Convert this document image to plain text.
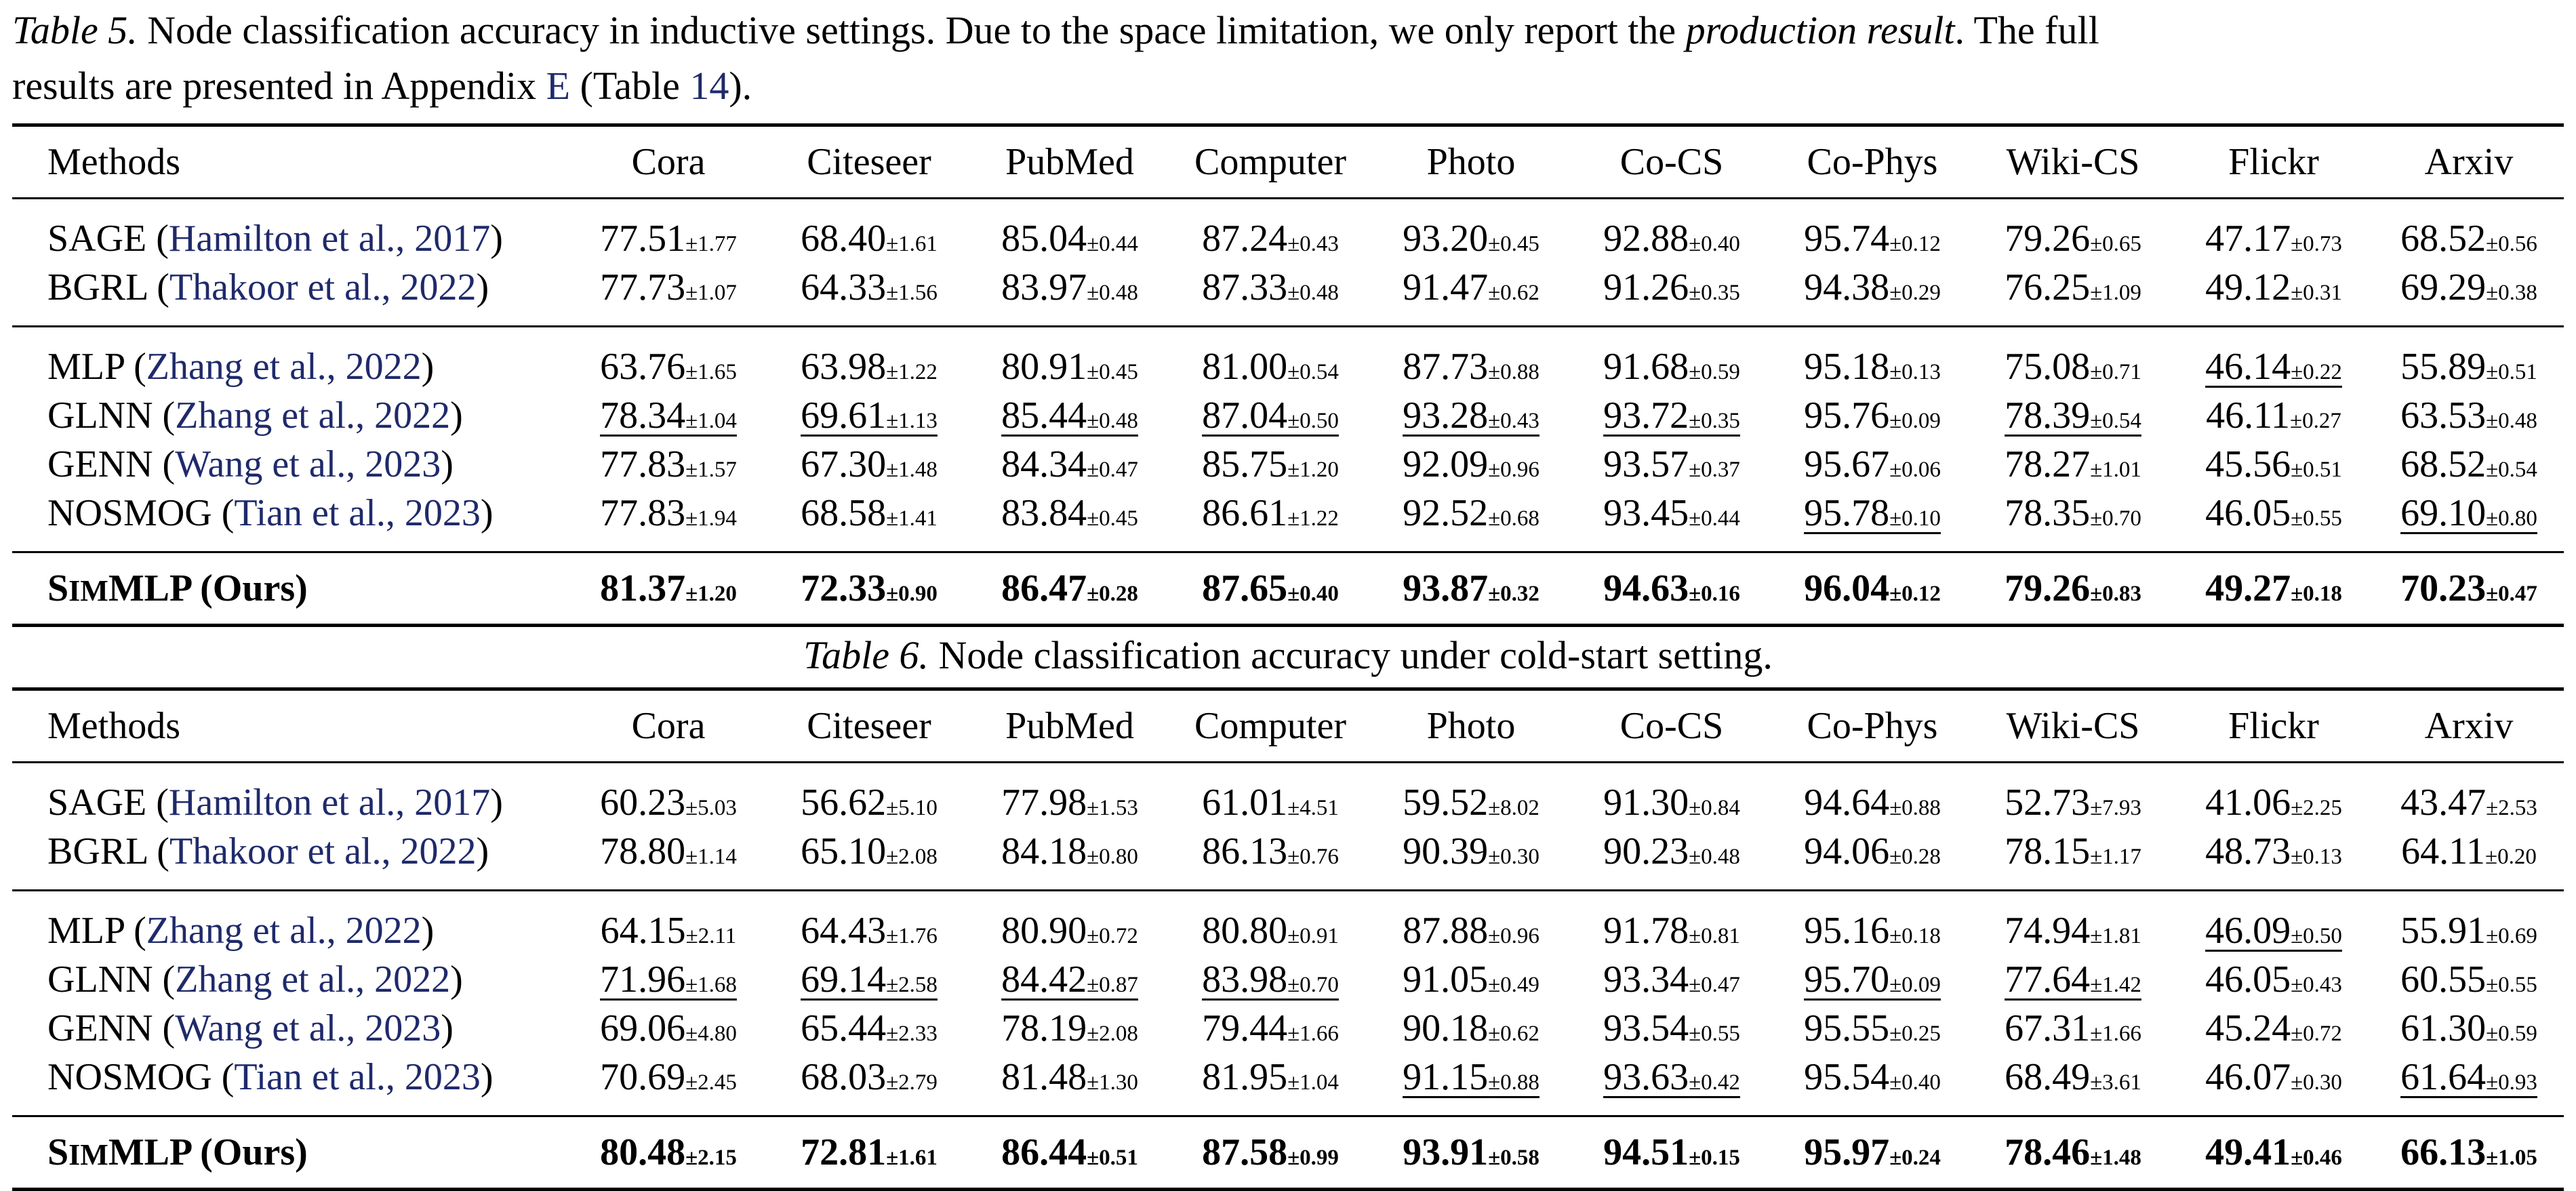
Table 5. Node classification accuracy in inductive settings. Due to the space limitation, we only report the production result. The full
results are presented in Appendix E (Table 14).
Methods	Cora	Citeseer	PubMed	Computer	Photo	Co-CS	Co-Phys	Wiki-CS	Flickr	Arxiv
SAGE (Hamilton et al., 2017)	77.51±1.77	68.40±1.61	85.04±0.44	87.24±0.43	93.20±0.45	92.88±0.40	95.74±0.12	79.26±0.65	47.17±0.73	68.52±0.56
BGRL (Thakoor et al., 2022)	77.73±1.07	64.33±1.56	83.97±0.48	87.33±0.48	91.47±0.62	91.26±0.35	94.38±0.29	76.25±1.09	49.12±0.31	69.29±0.38
MLP (Zhang et al., 2022)	63.76±1.65	63.98±1.22	80.91±0.45	81.00±0.54	87.73±0.88	91.68±0.59	95.18±0.13	75.08±0.71	46.14±0.22	55.89±0.51
GLNN (Zhang et al., 2022)	78.34±1.04	69.61±1.13	85.44±0.48	87.04±0.50	93.28±0.43	93.72±0.35	95.76±0.09	78.39±0.54	46.11±0.27	63.53±0.48
GENN (Wang et al., 2023)	77.83±1.57	67.30±1.48	84.34±0.47	85.75±1.20	92.09±0.96	93.57±0.37	95.67±0.06	78.27±1.01	45.56±0.51	68.52±0.54
NOSMOG (Tian et al., 2023)	77.83±1.94	68.58±1.41	83.84±0.45	86.61±1.22	92.52±0.68	93.45±0.44	95.78±0.10	78.35±0.70	46.05±0.55	69.10±0.80
SIMMLP (Ours)	81.37±1.20	72.33±0.90	86.47±0.28	87.65±0.40	93.87±0.32	94.63±0.16	96.04±0.12	79.26±0.83	49.27±0.18	70.23±0.47
Table 6. Node classification accuracy under cold-start setting.
Methods	Cora	Citeseer	PubMed	Computer	Photo	Co-CS	Co-Phys	Wiki-CS	Flickr	Arxiv
SAGE (Hamilton et al., 2017)	60.23±5.03	56.62±5.10	77.98±1.53	61.01±4.51	59.52±8.02	91.30±0.84	94.64±0.88	52.73±7.93	41.06±2.25	43.47±2.53
BGRL (Thakoor et al., 2022)	78.80±1.14	65.10±2.08	84.18±0.80	86.13±0.76	90.39±0.30	90.23±0.48	94.06±0.28	78.15±1.17	48.73±0.13	64.11±0.20
MLP (Zhang et al., 2022)	64.15±2.11	64.43±1.76	80.90±0.72	80.80±0.91	87.88±0.96	91.78±0.81	95.16±0.18	74.94±1.81	46.09±0.50	55.91±0.69
GLNN (Zhang et al., 2022)	71.96±1.68	69.14±2.58	84.42±0.87	83.98±0.70	91.05±0.49	93.34±0.47	95.70±0.09	77.64±1.42	46.05±0.43	60.55±0.55
GENN (Wang et al., 2023)	69.06±4.80	65.44±2.33	78.19±2.08	79.44±1.66	90.18±0.62	93.54±0.55	95.55±0.25	67.31±1.66	45.24±0.72	61.30±0.59
NOSMOG (Tian et al., 2023)	70.69±2.45	68.03±2.79	81.48±1.30	81.95±1.04	91.15±0.88	93.63±0.42	95.54±0.40	68.49±3.61	46.07±0.30	61.64±0.93
SIMMLP (Ours)	80.48±2.15	72.81±1.61	86.44±0.51	87.58±0.99	93.91±0.58	94.51±0.15	95.97±0.24	78.46±1.48	49.41±0.46	66.13±1.05
